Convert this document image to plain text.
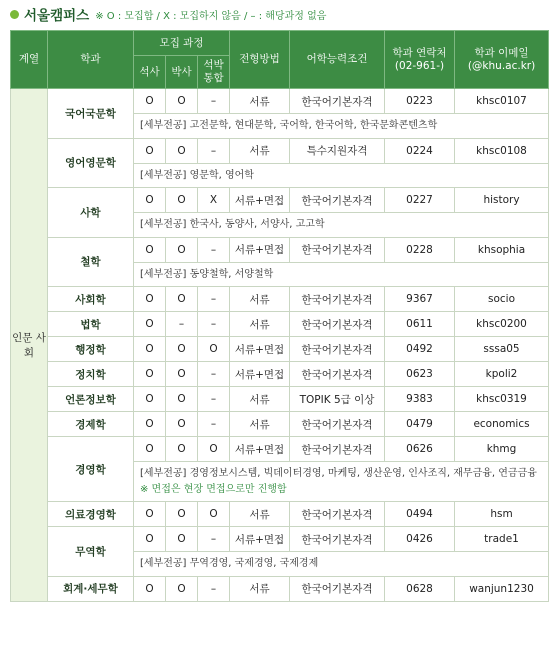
서울캠퍼스 ※ O : 모집함 / X : 모집하지 않음 / – : 해당과정 없음
계열	학과	모집 과정			전형방법	어학능력조건	학과 연락처 (02-961-)	학과 이메일 (@khu.ac.kr)
		석사	박사	석박 통합				
인문 사회	국어국문학	O	O	–	서류	한국어기본자격	0223	khsc0107
		[세부전공] 고전문학, 현대문학, 국어학, 한국어학, 한국문화콘텐츠학						
	영어영문학	O	O	–	서류	특수지원자격	0224	khsc0108
		[세부전공] 영문학, 영어학						
	사학	O	O	X	서류+면접	한국어기본자격	0227	history
		[세부전공] 한국사, 동양사, 서양사, 고고학						
	철학	O	O	–	서류+면접	한국어기본자격	0228	khsophia
		[세부전공] 동양철학, 서양철학						
	사회학	O	O	–	서류	한국어기본자격	9367	socio
	법학	O	–	–	서류	한국어기본자격	0611	khsc0200
	행정학	O	O	O	서류+면접	한국어기본자격	0492	sssa05
	정치학	O	O	–	서류+면접	한국어기본자격	0623	kpoli2
	언론정보학	O	O	–	서류	TOPIK 5급 이상	9383	khsc0319
	경제학	O	O	–	서류	한국어기본자격	0479	economics
	경영학	O	O	O	서류+면접	한국어기본자격	0626	khmg

		[세부전공] 경영정보시스템, 빅데이터경영, 마케팅, 생산운영, 인사조직, 재무금융, 연금금융
※ 면접은 현장 면접으로만 진행함						

	의료경영학	O	O	O	서류	한국어기본자격	0494	hsm
	무역학	O	O	–	서류+면접	한국어기본자격	0426	trade1
		[세부전공] 무역경영, 국제경영, 국제경제						
	회계·세무학	O	O	–	서류	한국어기본자격	0628	wanjun1230
